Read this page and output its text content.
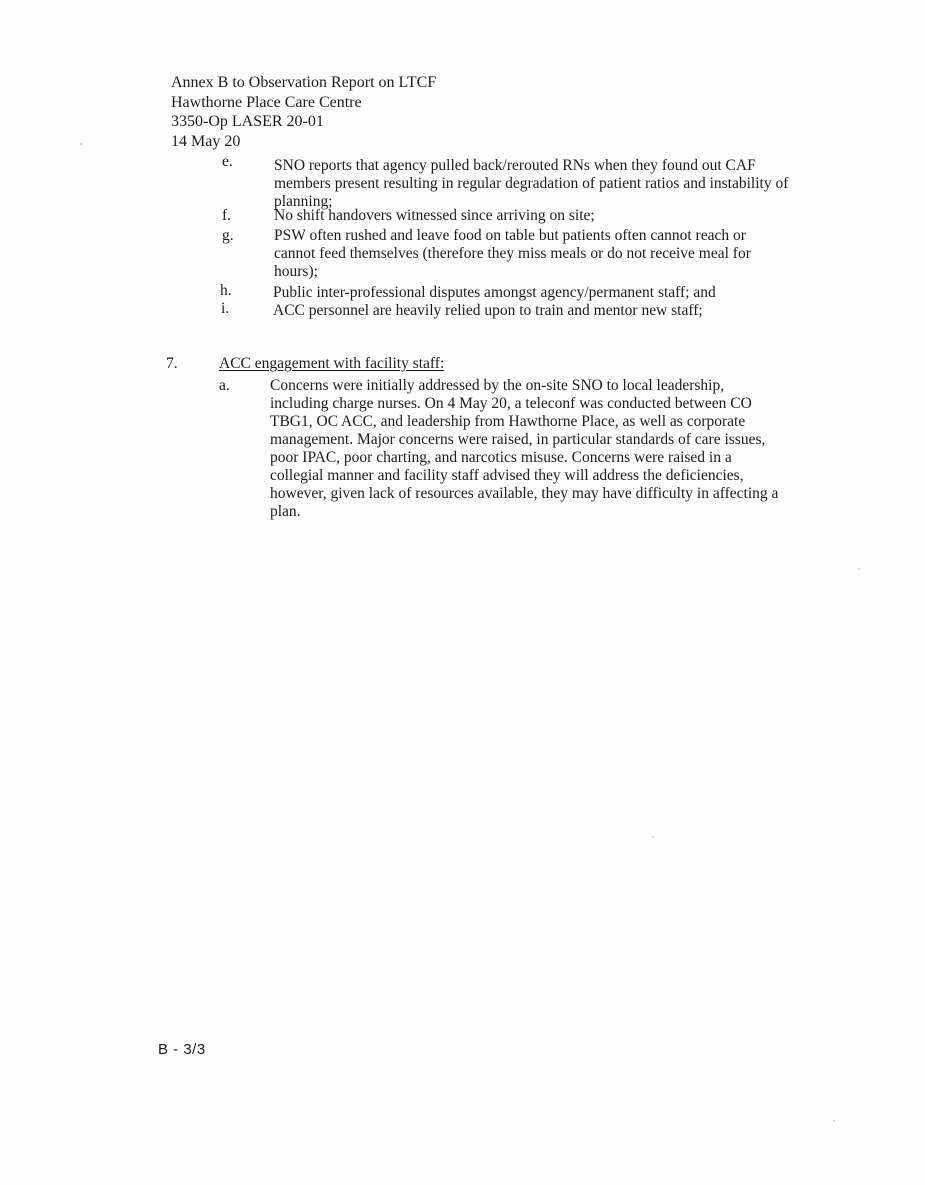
Annex B to Observation Report on LTCF
Hawthorne Place Care Centre
3350-Op LASER 20-01
14 May 20
e.	SNO reports that agency pulled back/rerouted RNs when they found out CAF members present resulting in regular degradation of patient ratios and instability of planning;
f.	No shift handovers witnessed since arriving on site;
g.	PSW often rushed and leave food on table but patients often cannot reach or cannot feed themselves (therefore they miss meals or do not receive meal for hours);
h.	Public inter-professional disputes amongst agency/permanent staff; and
i.	ACC personnel are heavily relied upon to train and mentor new staff;
7.	ACC engagement with facility staff:
a.	Concerns were initially addressed by the on-site SNO to local leadership, including charge nurses. On 4 May 20, a teleconf was conducted between CO TBG1, OC ACC, and leadership from Hawthorne Place, as well as corporate management. Major concerns were raised, in particular standards of care issues, poor IPAC, poor charting, and narcotics misuse. Concerns were raised in a collegial manner and facility staff advised they will address the deficiencies, however, given lack of resources available, they may have difficulty in affecting a plan.
B - 3/3
